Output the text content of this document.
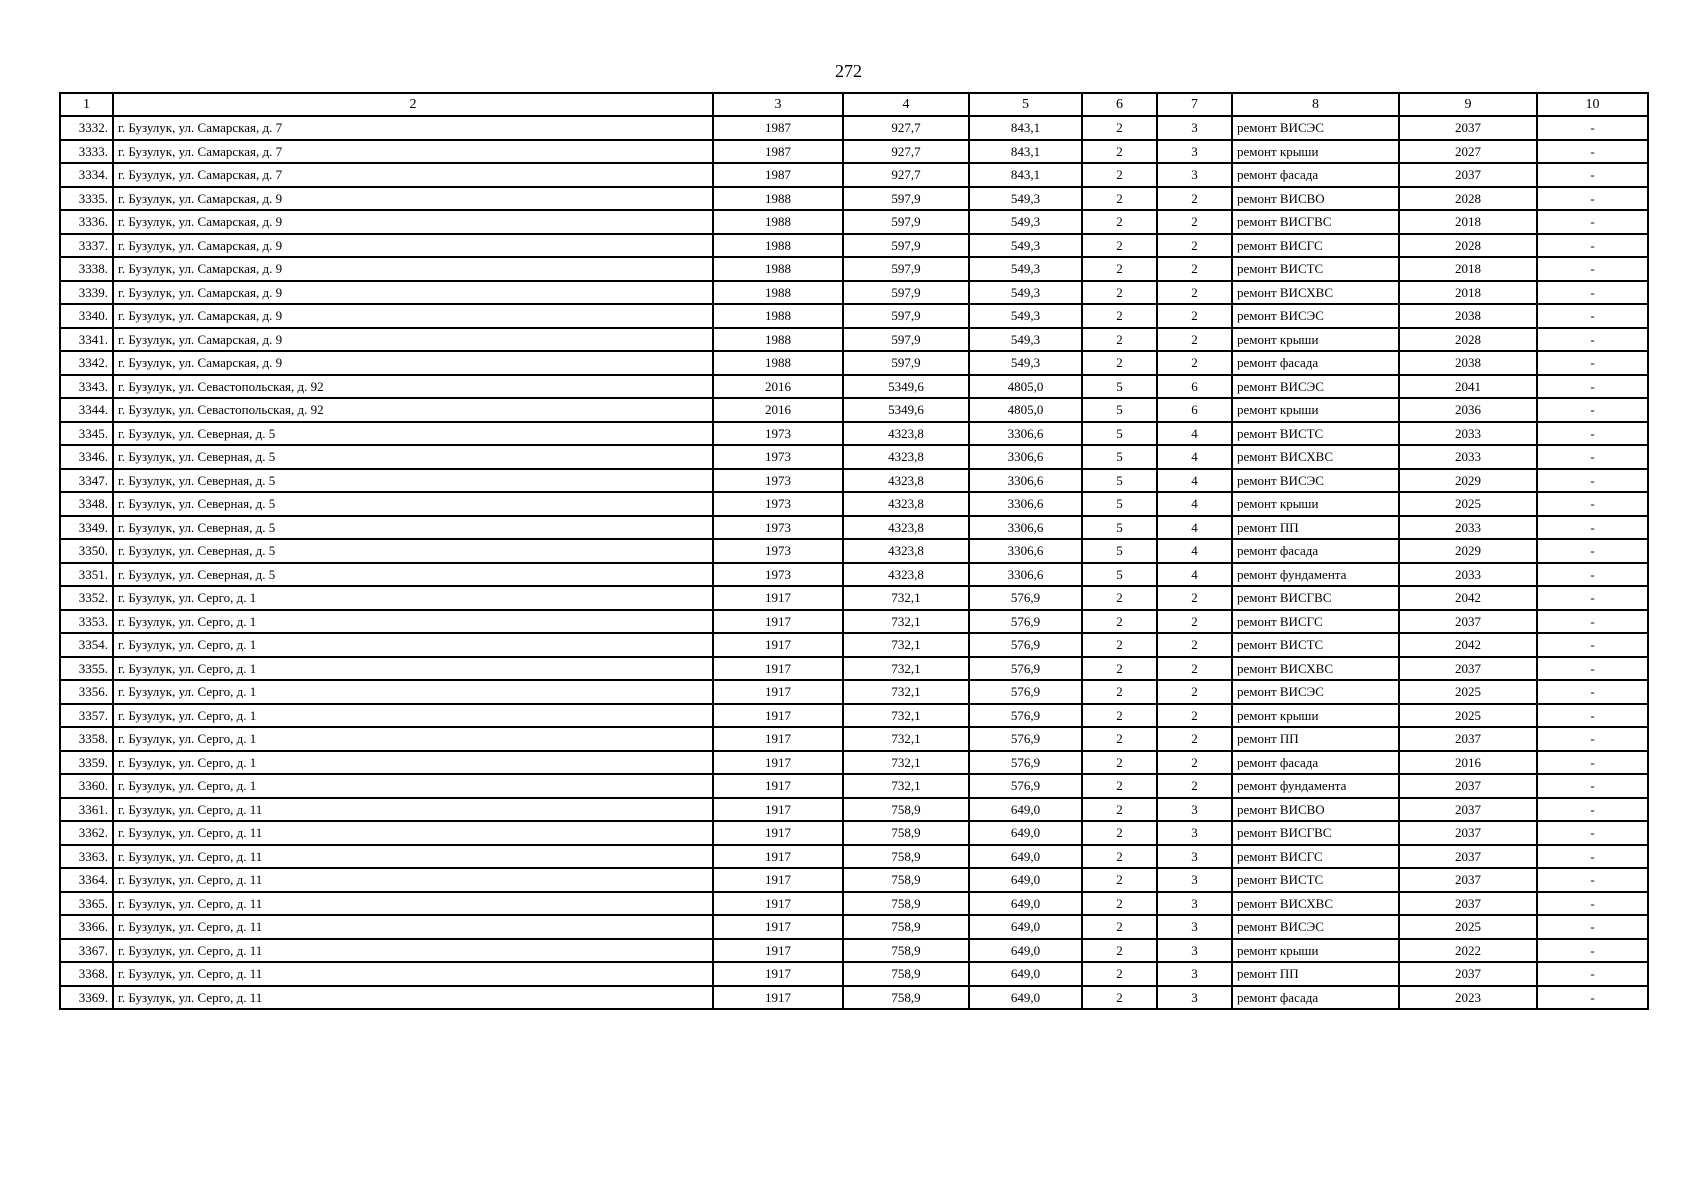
272
1	2	3	4	5	6	7	8	9	10
3332.	г. Бузулук, ул. Самарская, д. 7	1987	927,7	843,1	2	3	ремонт ВИСЭС	2037	-
3333.	г. Бузулук, ул. Самарская, д. 7	1987	927,7	843,1	2	3	ремонт крыши	2027	-
3334.	г. Бузулук, ул. Самарская, д. 7	1987	927,7	843,1	2	3	ремонт фасада	2037	-
3335.	г. Бузулук, ул. Самарская, д. 9	1988	597,9	549,3	2	2	ремонт ВИСВО	2028	-
3336.	г. Бузулук, ул. Самарская, д. 9	1988	597,9	549,3	2	2	ремонт ВИСГВС	2018	-
3337.	г. Бузулук, ул. Самарская, д. 9	1988	597,9	549,3	2	2	ремонт ВИСГС	2028	-
3338.	г. Бузулук, ул. Самарская, д. 9	1988	597,9	549,3	2	2	ремонт ВИСТС	2018	-
3339.	г. Бузулук, ул. Самарская, д. 9	1988	597,9	549,3	2	2	ремонт ВИСХВС	2018	-
3340.	г. Бузулук, ул. Самарская, д. 9	1988	597,9	549,3	2	2	ремонт ВИСЭС	2038	-
3341.	г. Бузулук, ул. Самарская, д. 9	1988	597,9	549,3	2	2	ремонт крыши	2028	-
3342.	г. Бузулук, ул. Самарская, д. 9	1988	597,9	549,3	2	2	ремонт фасада	2038	-
3343.	г. Бузулук, ул. Севастопольская, д. 92	2016	5349,6	4805,0	5	6	ремонт ВИСЭС	2041	-
3344.	г. Бузулук, ул. Севастопольская, д. 92	2016	5349,6	4805,0	5	6	ремонт крыши	2036	-
3345.	г. Бузулук, ул. Северная, д. 5	1973	4323,8	3306,6	5	4	ремонт ВИСТС	2033	-
3346.	г. Бузулук, ул. Северная, д. 5	1973	4323,8	3306,6	5	4	ремонт ВИСХВС	2033	-
3347.	г. Бузулук, ул. Северная, д. 5	1973	4323,8	3306,6	5	4	ремонт ВИСЭС	2029	-
3348.	г. Бузулук, ул. Северная, д. 5	1973	4323,8	3306,6	5	4	ремонт крыши	2025	-
3349.	г. Бузулук, ул. Северная, д. 5	1973	4323,8	3306,6	5	4	ремонт ПП	2033	-
3350.	г. Бузулук, ул. Северная, д. 5	1973	4323,8	3306,6	5	4	ремонт фасада	2029	-
3351.	г. Бузулук, ул. Северная, д. 5	1973	4323,8	3306,6	5	4	ремонт фундамента	2033	-
3352.	г. Бузулук, ул. Серго, д. 1	1917	732,1	576,9	2	2	ремонт ВИСГВС	2042	-
3353.	г. Бузулук, ул. Серго, д. 1	1917	732,1	576,9	2	2	ремонт ВИСГС	2037	-
3354.	г. Бузулук, ул. Серго, д. 1	1917	732,1	576,9	2	2	ремонт ВИСТС	2042	-
3355.	г. Бузулук, ул. Серго, д. 1	1917	732,1	576,9	2	2	ремонт ВИСХВС	2037	-
3356.	г. Бузулук, ул. Серго, д. 1	1917	732,1	576,9	2	2	ремонт ВИСЭС	2025	-
3357.	г. Бузулук, ул. Серго, д. 1	1917	732,1	576,9	2	2	ремонт крыши	2025	-
3358.	г. Бузулук, ул. Серго, д. 1	1917	732,1	576,9	2	2	ремонт ПП	2037	-
3359.	г. Бузулук, ул. Серго, д. 1	1917	732,1	576,9	2	2	ремонт фасада	2016	-
3360.	г. Бузулук, ул. Серго, д. 1	1917	732,1	576,9	2	2	ремонт фундамента	2037	-
3361.	г. Бузулук, ул. Серго, д. 11	1917	758,9	649,0	2	3	ремонт ВИСВО	2037	-
3362.	г. Бузулук, ул. Серго, д. 11	1917	758,9	649,0	2	3	ремонт ВИСГВС	2037	-
3363.	г. Бузулук, ул. Серго, д. 11	1917	758,9	649,0	2	3	ремонт ВИСГС	2037	-
3364.	г. Бузулук, ул. Серго, д. 11	1917	758,9	649,0	2	3	ремонт ВИСТС	2037	-
3365.	г. Бузулук, ул. Серго, д. 11	1917	758,9	649,0	2	3	ремонт ВИСХВС	2037	-
3366.	г. Бузулук, ул. Серго, д. 11	1917	758,9	649,0	2	3	ремонт ВИСЭС	2025	-
3367.	г. Бузулук, ул. Серго, д. 11	1917	758,9	649,0	2	3	ремонт крыши	2022	-
3368.	г. Бузулук, ул. Серго, д. 11	1917	758,9	649,0	2	3	ремонт ПП	2037	-
3369.	г. Бузулук, ул. Серго, д. 11	1917	758,9	649,0	2	3	ремонт фасада	2023	-
